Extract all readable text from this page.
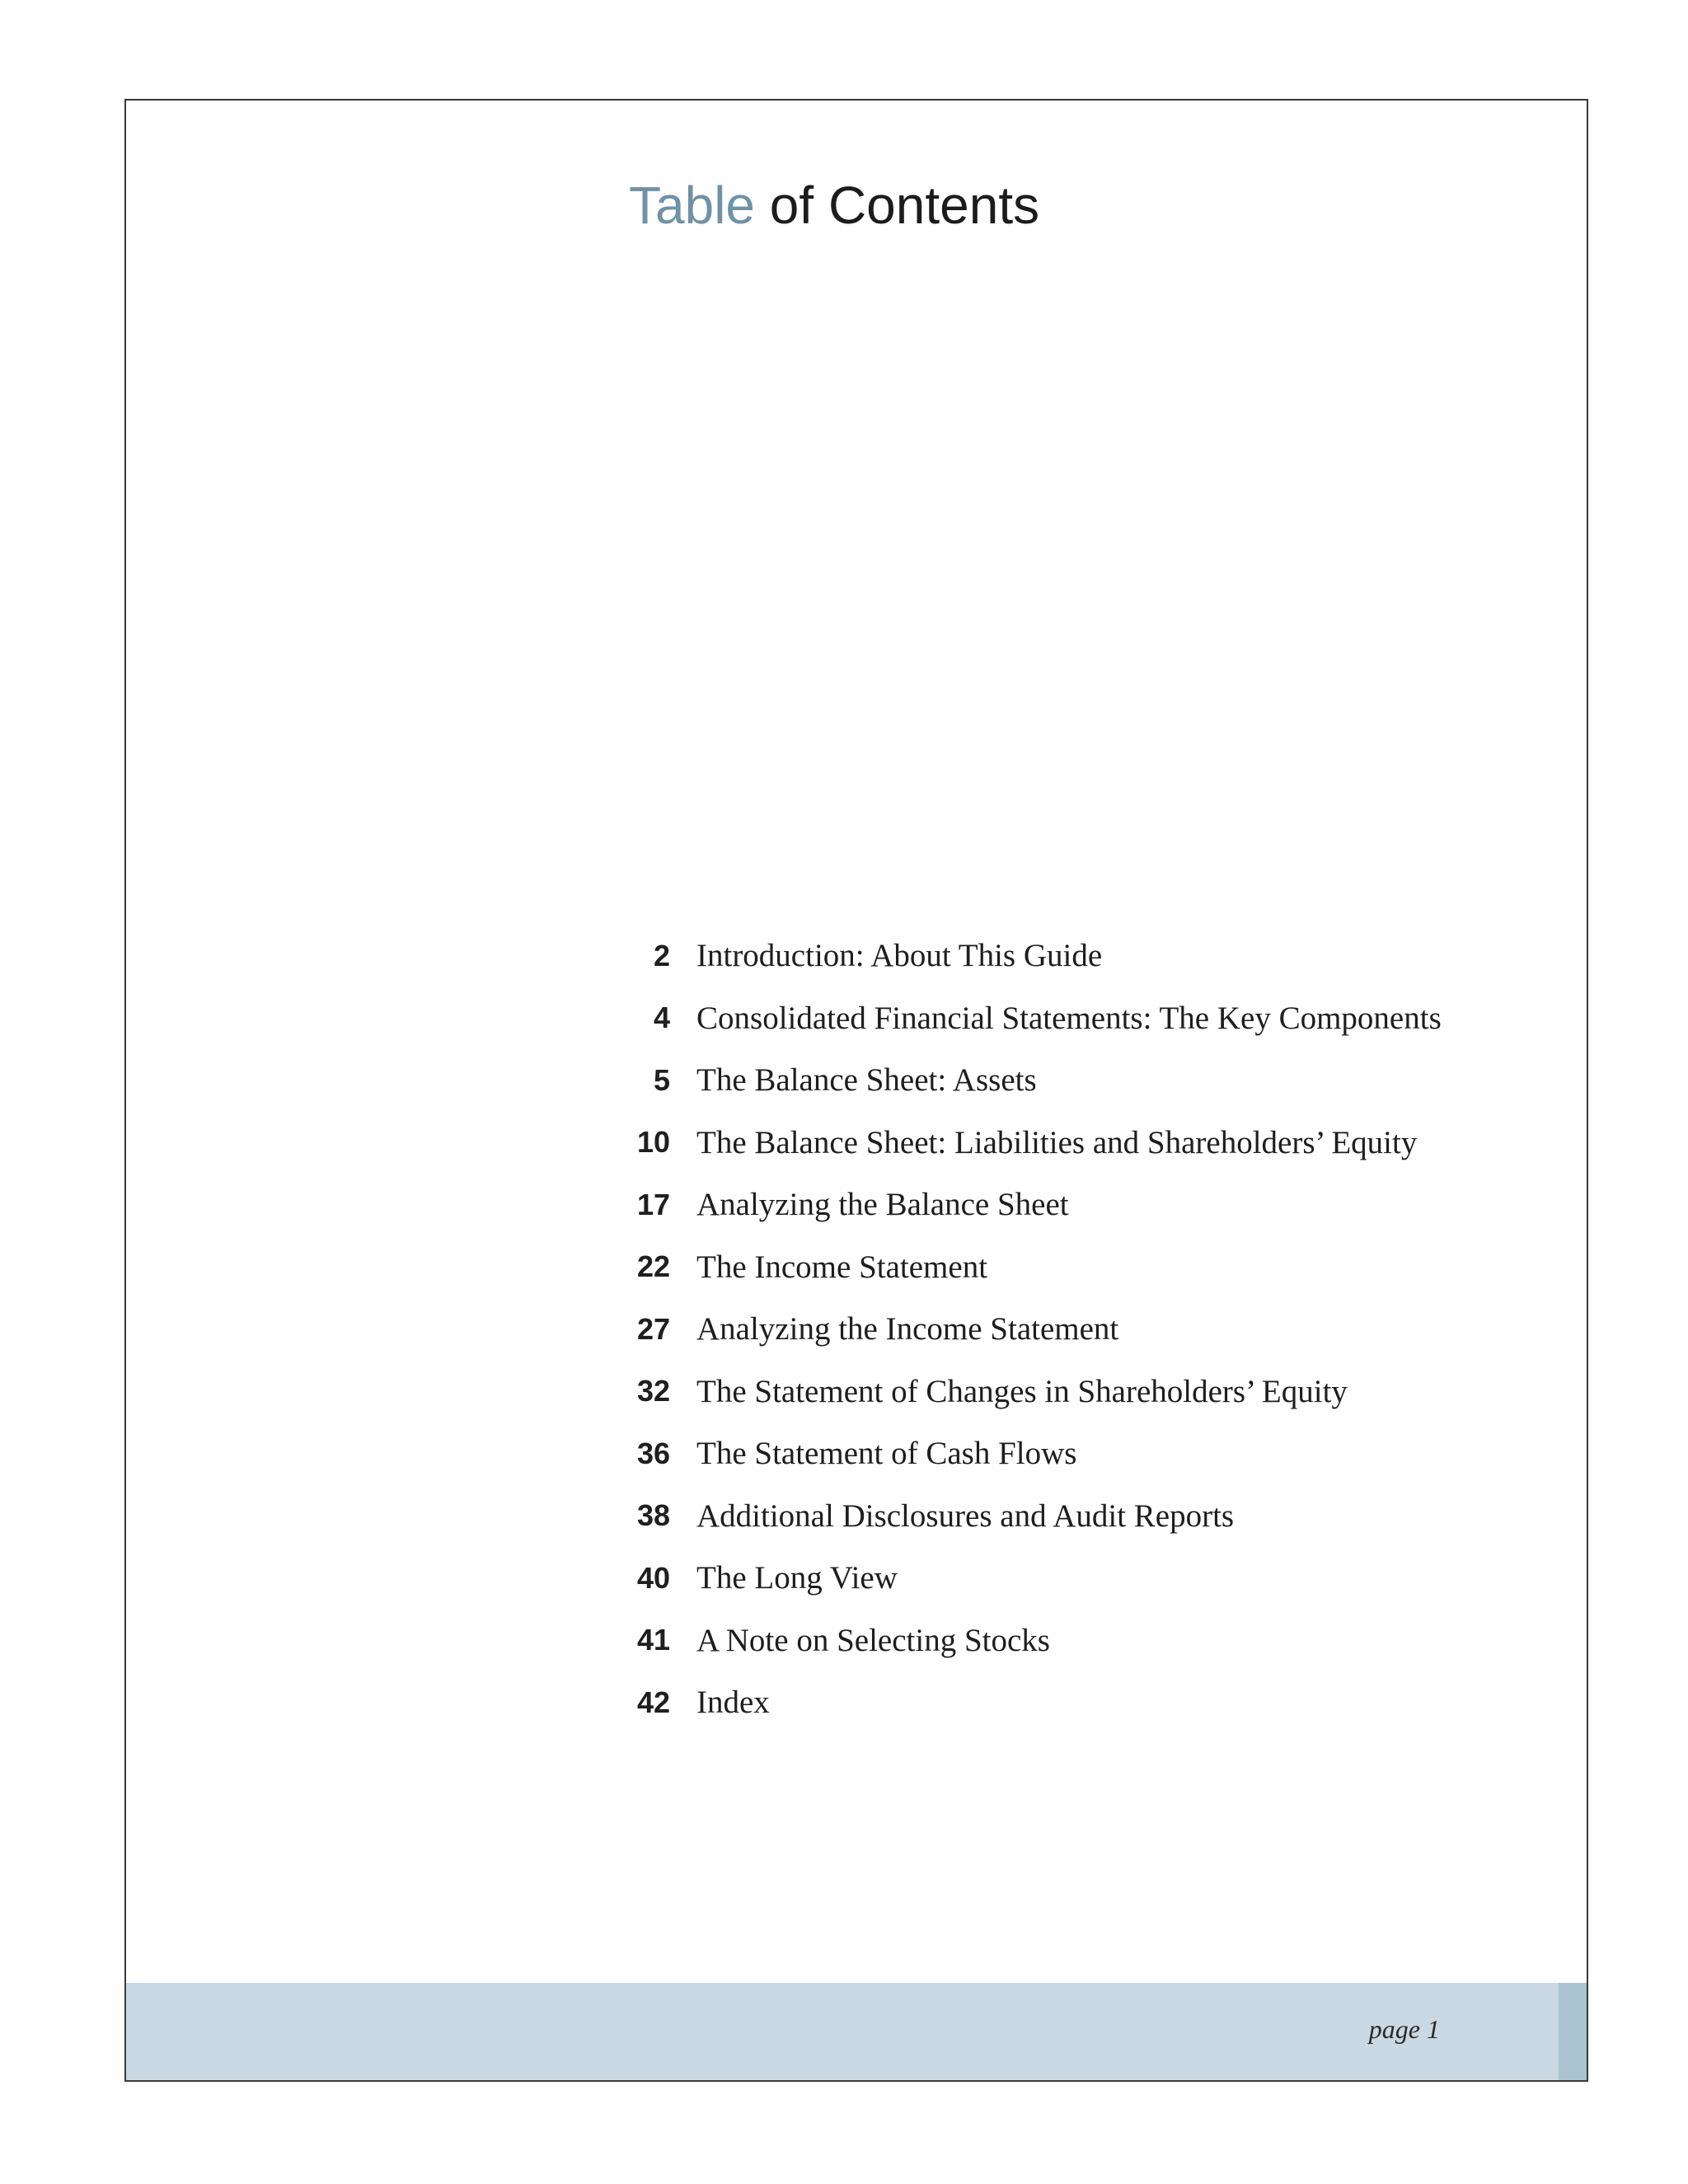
Table of Contents
2 Introduction: About This Guide
4 Consolidated Financial Statements: The Key Components
5 The Balance Sheet: Assets
10 The Balance Sheet: Liabilities and Shareholders’ Equity
17 Analyzing the Balance Sheet
22 The Income Statement
27 Analyzing the Income Statement
32 The Statement of Changes in Shareholders’ Equity
36 The Statement of Cash Flows
38 Additional Disclosures and Audit Reports
40 The Long View
41 A Note on Selecting Stocks
42 Index
page 1
